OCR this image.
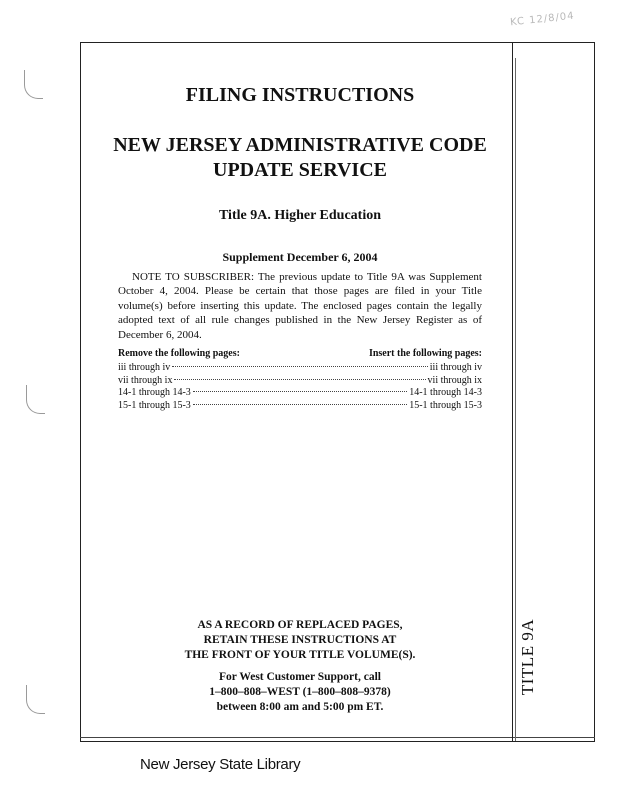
KC 12/8/04
TITLE 9A
FILING INSTRUCTIONS
NEW JERSEY ADMINISTRATIVE CODE
UPDATE SERVICE
Title 9A. Higher Education
Supplement December 6, 2004

NOTE TO SUBSCRIBER: The previous update to Title 9A was Supplement October 4, 2004. Please be certain that those pages are filed in your Title volume(s) before inserting this update. The enclosed pages contain the legally adopted text of all rule changes published in the New Jersey Register as of December 6, 2004.

Remove the following pages:	Insert the following pages:
iii through iv	iii through iv
vii through ix	vii through ix
14-1 through 14-3	14-1 through 14-3
15-1 through 15-3	15-1 through 15-3
AS A RECORD OF REPLACED PAGES,
RETAIN THESE INSTRUCTIONS AT
THE FRONT OF YOUR TITLE VOLUME(S).
For West Customer Support, call
1–800–808–WEST (1–800–808–9378)
between 8:00 am and 5:00 pm ET.
New Jersey State Library
